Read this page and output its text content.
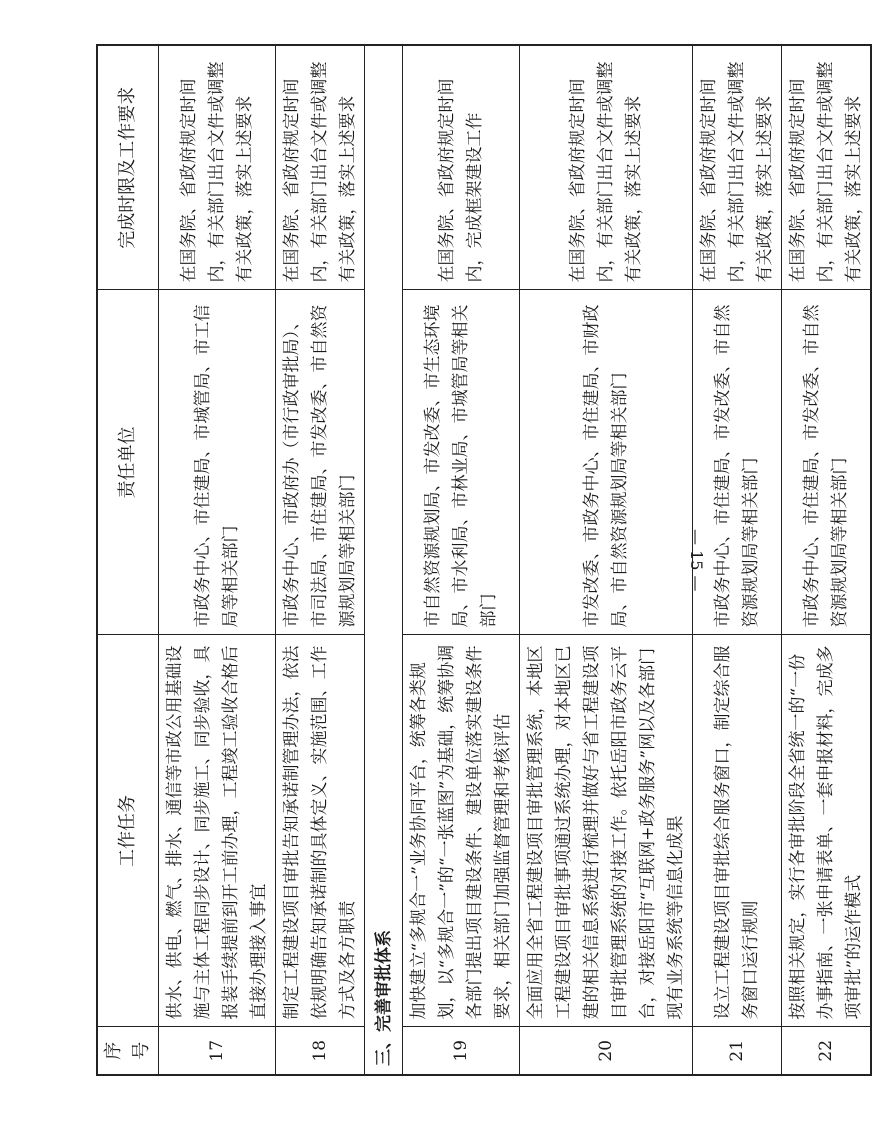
序号	工作任务	责任单位	完成时限及工作要求
17	供水、供电、燃气、排水、通信等市政公用基础设施与主体工程同步设计、同步施工、同步验收，具报装手续提前到开工前办理，工程竣工验收合格后直接办理接入事宜	市政务中心、市住建局、市城管局、市工信局等相关部门	在国务院、省政府规定时间内，有关部门出台文件或调整有关政策，落实上述要求
18	制定工程建设项目审批告知承诺制管理办法，依法依规明确告知承诺制的具体定义、实施范围、工作方式及各方职责	市政务中心、市政府办（市行政审批局）、市司法局、市住建局、市发改委、市自然资源规划局等相关部门	在国务院、省政府规定时间内，有关部门出台文件或调整有关政策，落实上述要求
三、完善审批体系			
19	加快建立“多规合一”业务协同平台，统筹各类规划，以“多规合一”的“一张蓝图”为基础，统筹协调各部门提出项目建设条件、建设单位落实建设条件要求，相关部门加强监督管理和考核评估	市自然资源规划局、市发改委、市生态环境局、市水利局、市林业局、市城管局等相关部门	在国务院、省政府规定时间内，完成框架建设工作
20	全面应用全省工程建设项目审批管理系统，本地区工程建设项目审批事项通过系统办理，对本地区已建的相关信息系统进行梳理并做好与省工程建设项目审批管理系统的对接工作。依托岳阳市政务云平台，对接岳阳市“互联网+政务服务”网以及各部门现有业务系统等信息化成果	市发改委、市政务中心、市住建局、市财政局、市自然资源规划局等相关部门	在国务院、省政府规定时间内，有关部门出台文件或调整有关政策，落实上述要求
21	设立工程建设项目审批综合服务窗口，制定综合服务窗口运行规则	市政务中心、市住建局、市发改委、市自然资源规划局等相关部门	在国务院、省政府规定时间内，有关部门出台文件或调整有关政策，落实上述要求
22	按照相关规定，实行各审批阶段全省统一的“一份办事指南、一张申请表单、一套申报材料，完成多项审批”的运作模式	市政务中心、市住建局、市发改委、市自然资源规划局等相关部门	在国务院、省政府规定时间内，有关部门出台文件或调整有关政策，落实上述要求
— 15 —
